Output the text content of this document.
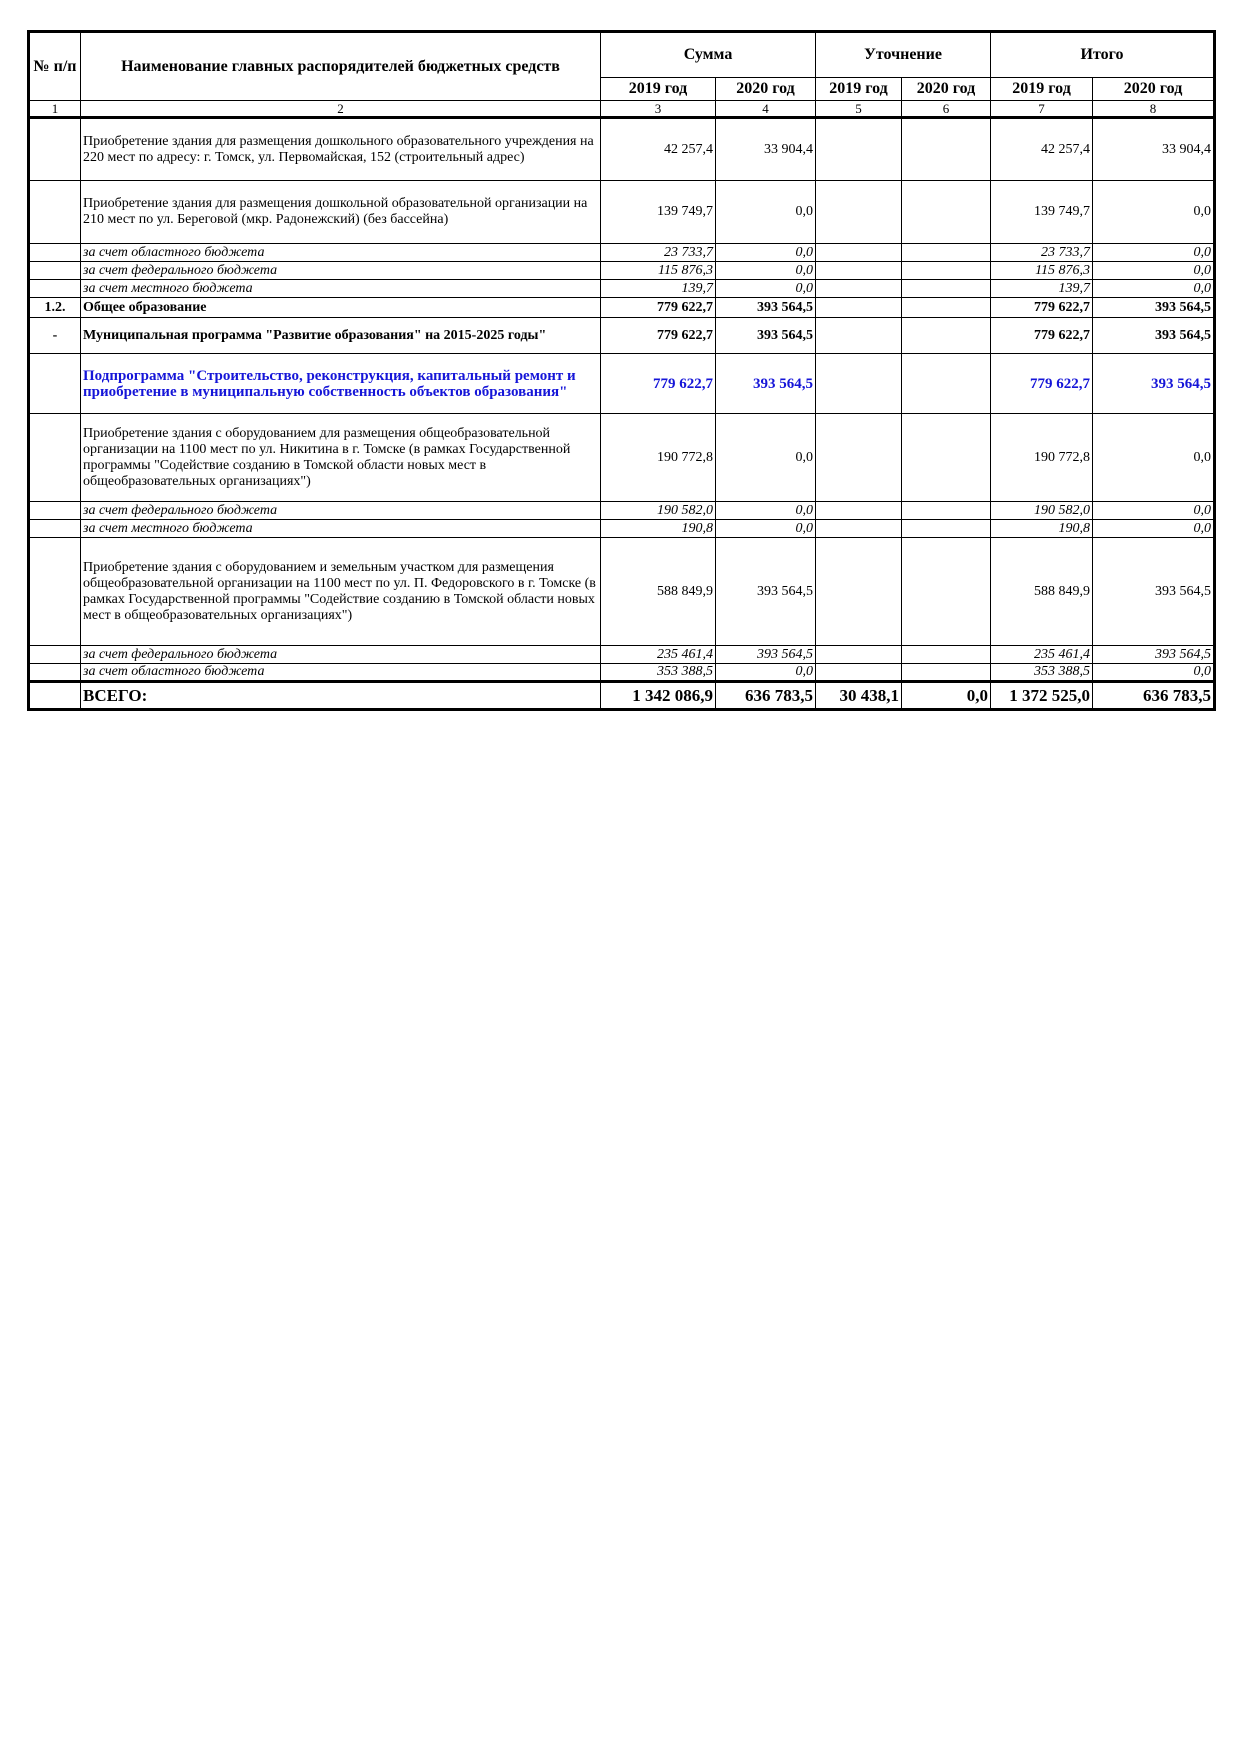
№ п/п	Наименование главных распорядителей бюджетных средств	Сумма		Уточнение		Итого	
		2019 год	2020 год	2019 год	2020 год	2019 год	2020 год
1	2	3	4	5	6	7	8
	Приобретение здания для размещения дошкольного образовательного учреждения на 220 мест по адресу: г. Томск, ул. Первомайская, 152 (строительный адрес)	42 257,4	33 904,4			42 257,4	33 904,4
	Приобретение здания для размещения дошкольной образовательной организации на 210 мест по ул. Береговой (мкр. Радонежский) (без бассейна)	139 749,7	0,0			139 749,7	0,0
	за счет областного бюджета	23 733,7	0,0			23 733,7	0,0
	за счет федерального бюджета	115 876,3	0,0			115 876,3	0,0
	за счет местного бюджета	139,7	0,0			139,7	0,0
1.2.	Общее образование	779 622,7	393 564,5			779 622,7	393 564,5
-	Муниципальная программа "Развитие образования" на 2015-2025 годы"	779 622,7	393 564,5			779 622,7	393 564,5
	Подпрограмма "Строительство, реконструкция, капитальный ремонт и приобретение в муниципальную собственность объектов образования"	779 622,7	393 564,5			779 622,7	393 564,5
	Приобретение здания с оборудованием для размещения общеобразовательной организации на 1100 мест по ул. Никитина в г. Томске (в рамках Государственной программы "Содействие созданию в Томской области новых мест в общеобразовательных организациях")	190 772,8	0,0			190 772,8	0,0
	за счет федерального бюджета	190 582,0	0,0			190 582,0	0,0
	за счет местного бюджета	190,8	0,0			190,8	0,0
	Приобретение здания с оборудованием и земельным участком для размещения общеобразовательной организации на 1100 мест по ул. П. Федоровского в г. Томске (в рамках Государственной программы "Содействие созданию в Томской области новых мест в общеобразовательных организациях")	588 849,9	393 564,5			588 849,9	393 564,5
	за счет федерального бюджета	235 461,4	393 564,5			235 461,4	393 564,5
	за счет областного бюджета	353 388,5	0,0			353 388,5	0,0
	ВСЕГО:	1 342 086,9	636 783,5	30 438,1	0,0	1 372 525,0	636 783,5
